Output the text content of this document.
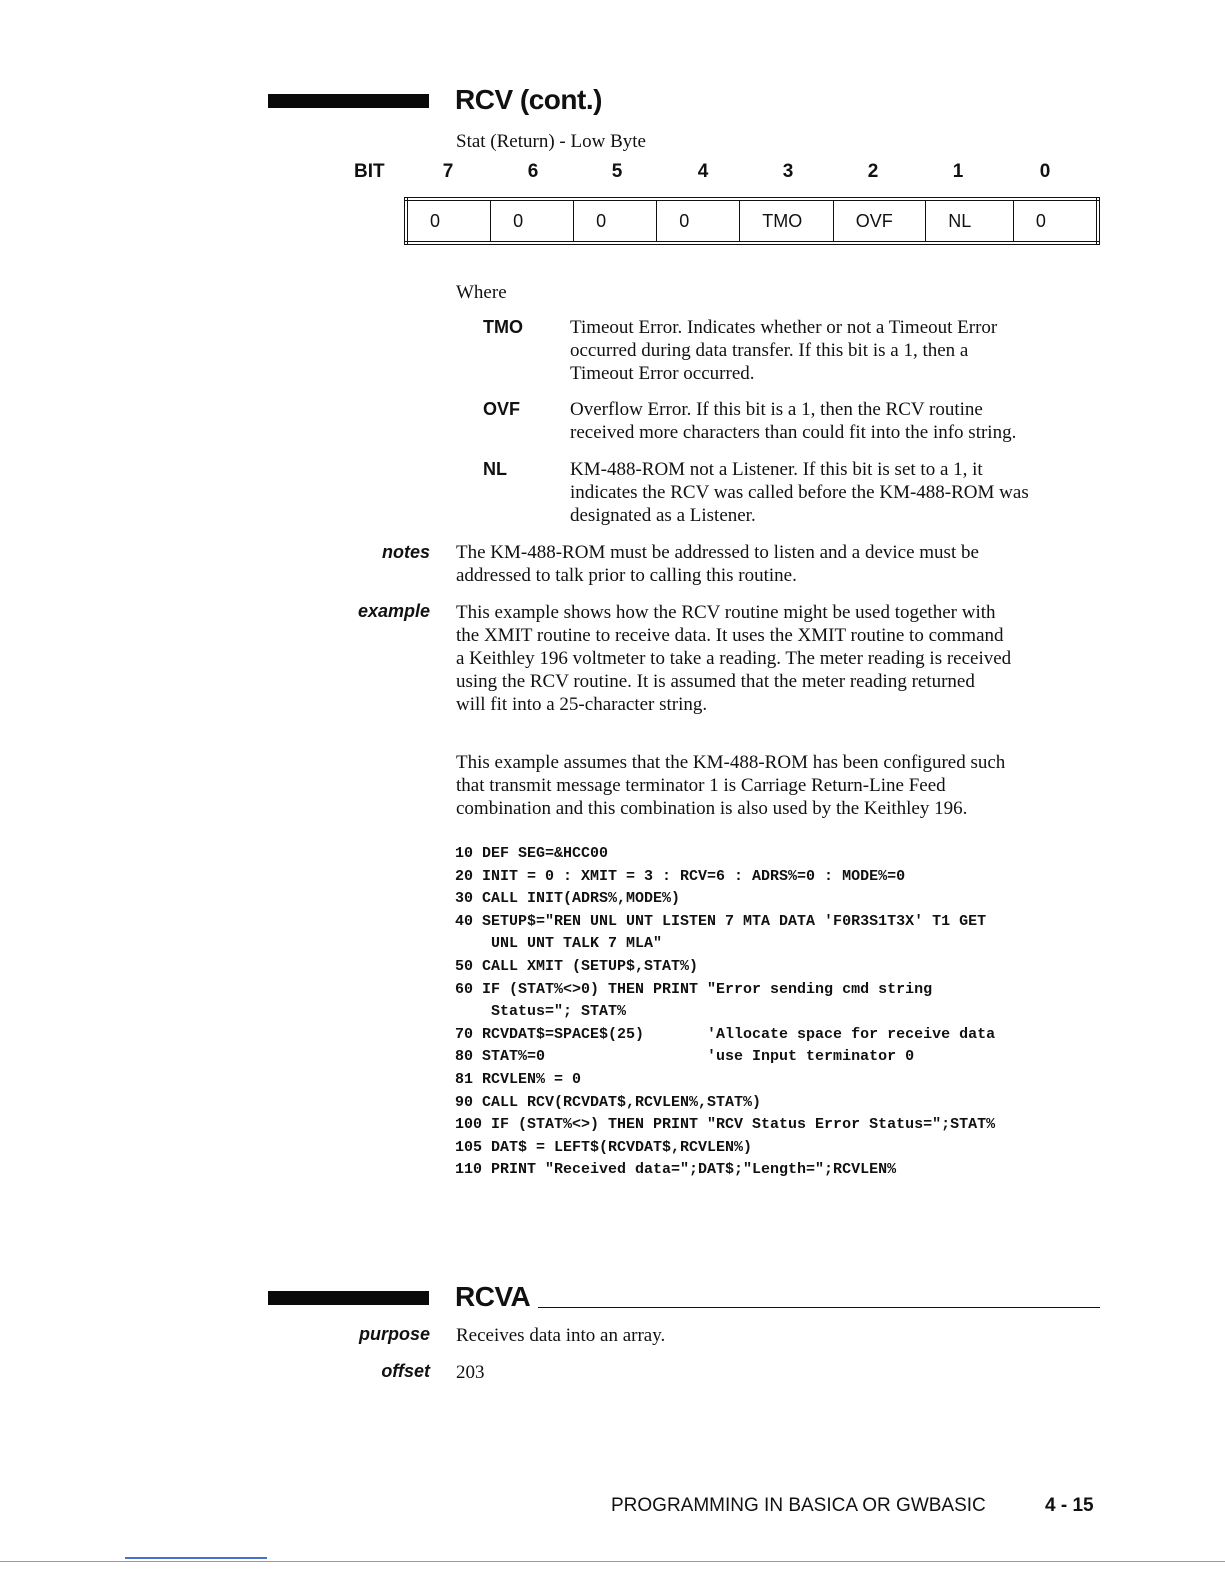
RCV (cont.)
Stat (Return) - Low Byte
BIT	7	6	5	4	3	2	1	0
0	0	0	0	TMO	OVF	NL	0
Where
TMO Timeout Error. Indicates whether or not a Timeout Error
occurred during data transfer. If this bit is a 1, then a
Timeout Error occurred.
OVF	Overflow Error. If this bit is a 1, then the RCV routine
received more characters than could fit into the info string.
NL	KM-488-ROM not a Listener. If this bit is set to a 1, it
indicates the RCV was called before the KM-488-ROM was
designated as a Listener.
notes The KM-488-ROM must be addressed to listen and a device must be
addressed to talk prior to calling this routine.
example This example shows how the RCV routine might be used together with
the XMIT routine to receive data. It uses the XMIT routine to command
a Keithley 196 voltmeter to take a reading. The meter reading is received
using the RCV routine. It is assumed that the meter reading returned
will fit into a 25-character string.
This example assumes that the KM-488-ROM has been configured such
that transmit message terminator 1 is Carriage Return-Line Feed
combination and this combination is also used by the Keithley 196.
10 DEF SEG=&HCC00
20 INIT = 0 : XMIT = 3 : RCV=6 : ADRS%=0 : MODE%=0
30 CALL INIT(ADRS%,MODE%)
40 SETUP$="REN UNL UNT LISTEN 7 MTA DATA 'F0R3S1T3X' T1 GET
UNL UNT TALK 7 MLA"
50 CALL XMIT (SETUP$,STAT%)
60 IF (STAT%<>0) THEN PRINT "Error sending cmd string
Status="; STAT%
70 RCVDAT$=SPACE$(25)       'Allocate space for receive data
80 STAT%=0                  'use Input terminator 0
81 RCVLEN% = 0
90 CALL RCV(RCVDAT$,RCVLEN%,STAT%)
100 IF (STAT%<>) THEN PRINT "RCV Status Error Status=";STAT%
105 DAT$ = LEFT$(RCVDAT$,RCVLEN%)
110 PRINT "Received data=";DAT$;"Length=";RCVLEN%
RCVA
purpose Receives data into an array.
offset 203
PROGRAMMING IN BASICA OR GWBASIC	4 - 15
